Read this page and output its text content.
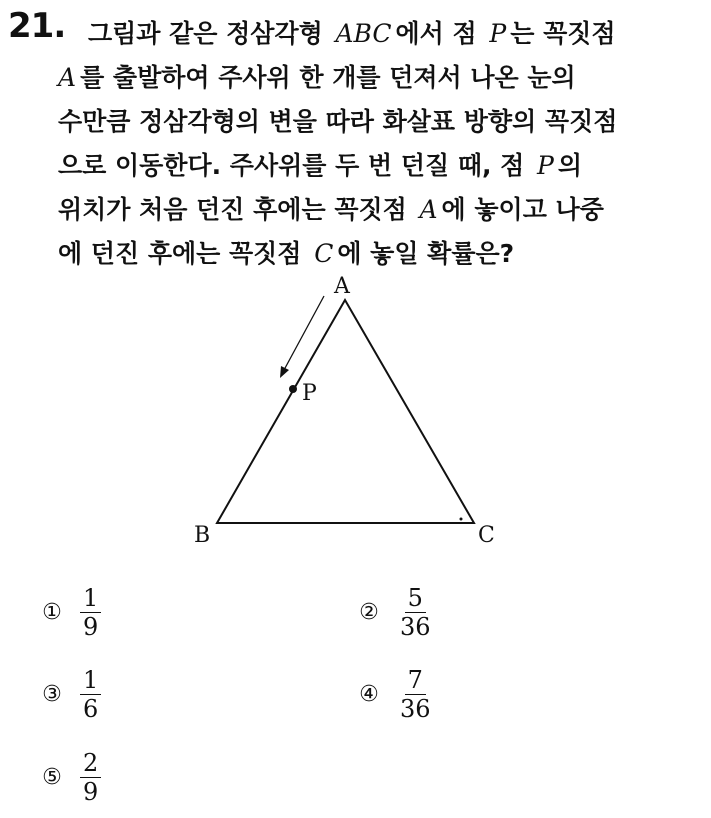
21. 그림과 같은 정삼각형 ABC 에서 점 P 는 꼭짓점
A 를 출발하여 주사위 한 개를 던져서 나온 눈의
수만큼 정삼각형의 변을 따라 화살표 방향의 꼭짓점
으로 이동한다. 주사위를 두 번 던질 때, 점 P 의
위치가 처음 던진 후에는 꼭짓점 A 에 놓이고 나중
에 던진 후에는 꼭짓점 C 에 놓일 확률은?
A
P
B	C
① $\frac{1}{9}$	② $\frac{5}{36}$
③ $\frac{1}{6}$	④ $\frac{7}{36}$
⑤ $\frac{2}{9}$
